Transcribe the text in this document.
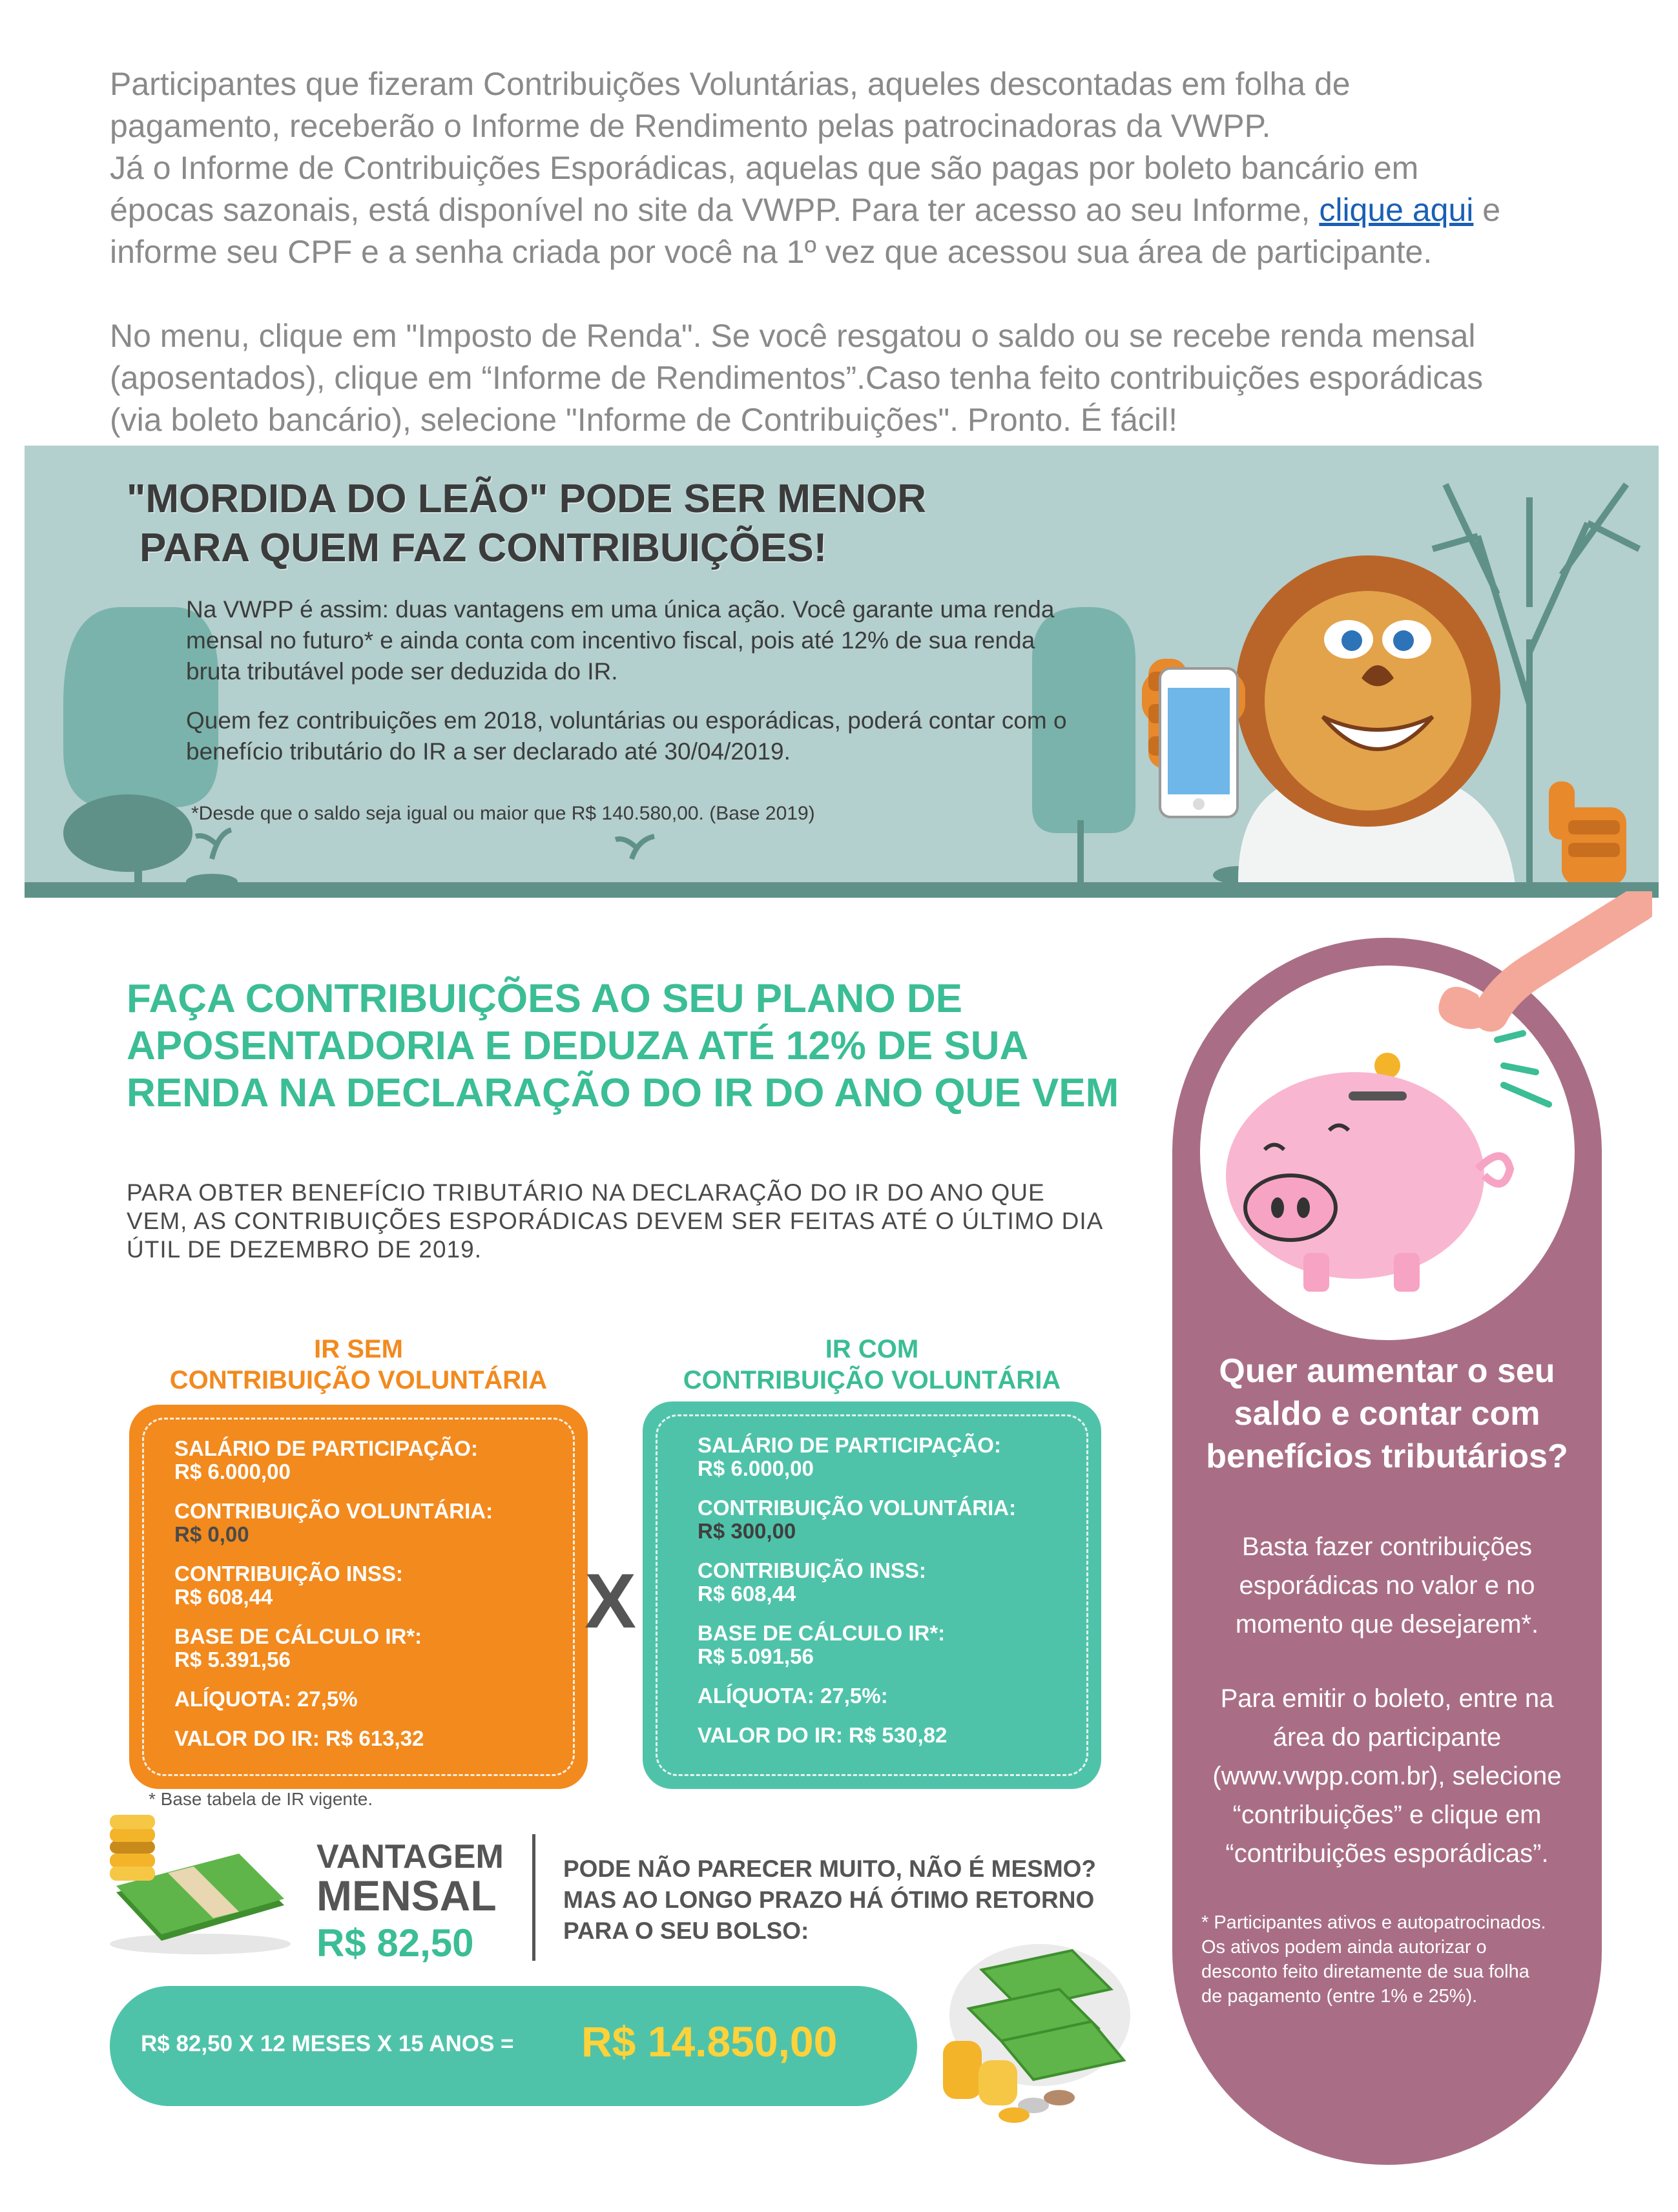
Participantes que fizeram Contribuições Voluntárias, aqueles descontadas em folha de

pagamento, receberão o Informe de Rendimento pelas patrocinadoras da VWPP.

Já o Informe de Contribuições Esporádicas, aquelas que são pagas por boleto bancário em

épocas sazonais, está disponível no site da VWPP. Para ter acesso ao seu Informe, clique aqui e

informe seu CPF e a senha criada por você na 1º vez que acessou sua área de participante.

No menu, clique em "Imposto de Renda". Se você resgatou o saldo ou se recebe renda mensal

(aposentados), clique em “Informe de Rendimentos”.Caso tenha feito contribuições esporádicas

(via boleto bancário), selecione "Informe de Contribuições". Pronto. É fácil!

"MORDIDA DO LEÃO" PODE SER MENOR
PARA QUEM FAZ CONTRIBUIÇÕES!

Na VWPP é assim: duas vantagens em uma única ação. Você garante uma renda mensal no futuro* e ainda conta com incentivo fiscal, pois até 12% de sua renda bruta tributável pode ser deduzida do IR.

Quem fez contribuições em 2018, voluntárias ou esporádicas, poderá contar com o benefício tributário do IR a ser declarado até 30/04/2019.

*Desde que o saldo seja igual ou maior que R$ 140.580,00. (Base 2019)
FAÇA CONTRIBUIÇÕES AO SEU PLANO DE
APOSENTADORIA E DEDUZA ATÉ 12% DE SUA
RENDA NA DECLARAÇÃO DO IR DO ANO QUE VEM
PARA OBTER BENEFÍCIO TRIBUTÁRIO NA DECLARAÇÃO DO IR DO ANO QUE
VEM, AS CONTRIBUIÇÕES ESPORÁDICAS DEVEM SER FEITAS ATÉ O ÚLTIMO DIA
ÚTIL DE DEZEMBRO DE 2019.
IR SEM
CONTRIBUIÇÃO VOLUNTÁRIA
SALÁRIO DE PARTICIPAÇÃO:
R$ 6.000,00
CONTRIBUIÇÃO VOLUNTÁRIA:
R$ 0,00
CONTRIBUIÇÃO INSS:
R$ 608,44
BASE DE CÁLCULO IR*:
R$ 5.391,56
ALÍQUOTA: 27,5%
VALOR DO IR: R$ 613,32
X
IR COM
CONTRIBUIÇÃO VOLUNTÁRIA
SALÁRIO DE PARTICIPAÇÃO:
R$ 6.000,00
CONTRIBUIÇÃO VOLUNTÁRIA:
R$ 300,00
CONTRIBUIÇÃO INSS:
R$ 608,44
BASE DE CÁLCULO IR*:
R$ 5.091,56
ALÍQUOTA: 27,5%:
VALOR DO IR: R$ 530,82
* Base tabela de IR vigente.
VANTAGEM
MENSAL
R$ 82,50
PODE NÃO PARECER MUITO, NÃO É MESMO?
MAS AO LONGO PRAZO HÁ ÓTIMO RETORNO
PARA O SEU BOLSO:
R$ 82,50 X 12 MESES X 15 ANOS = R$ 14.850,00
Quer aumentar o seu
saldo e contar com
benefícios tributários?
Basta fazer contribuições
esporádicas no valor e no
momento que desejarem*.
Para emitir o boleto, entre na
área do participante
(www.vwpp.com.br), selecione
“contribuições” e clique em
“contribuições esporádicas”.
* Participantes ativos e autopatrocinados.
Os ativos podem ainda autorizar o
desconto feito diretamente de sua folha
de pagamento (entre 1% e 25%).
